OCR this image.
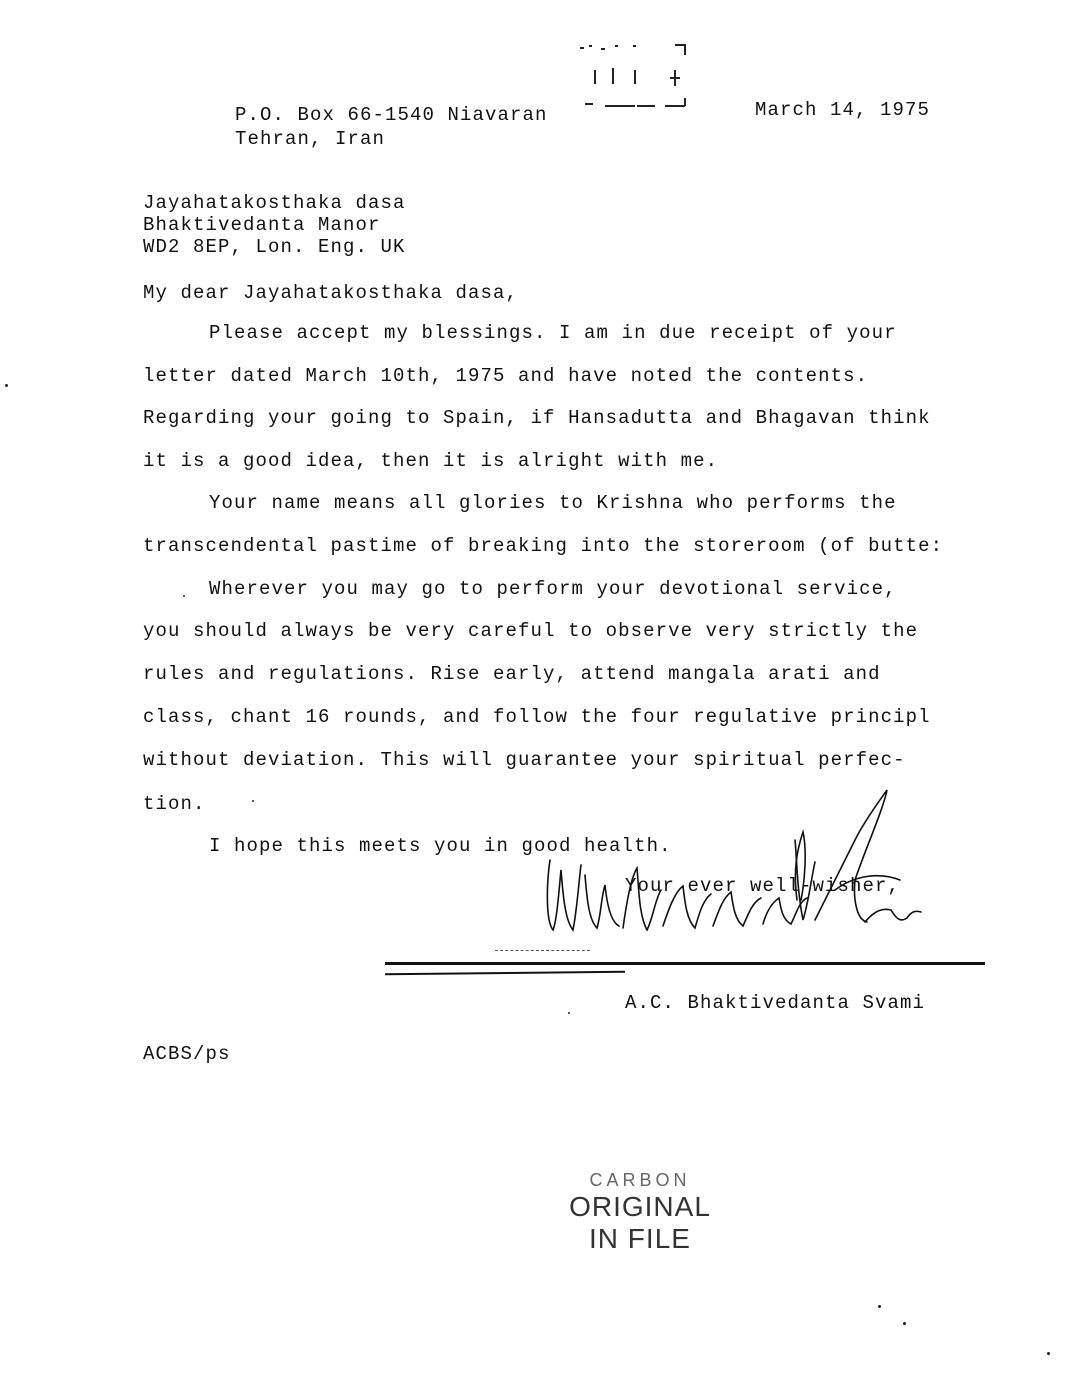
P.O. Box 66-1540 Niavaran
Tehran, Iran
March 14, 1975
Jayahatakosthaka dasa
Bhaktivedanta Manor
WD2 8EP, Lon. Eng. UK
My dear Jayahatakosthaka dasa,
Please accept my blessings. I am in due receipt of your
letter dated March 10th, 1975 and have noted the contents.
Regarding your going to Spain, if Hansadutta and Bhagavan think
it is a good idea, then it is alright with me.
Your name means all glories to Krishna who performs the
transcendental pastime of breaking into the storeroom (of butte:
Wherever you may go to perform your devotional service,
you should always be very careful to observe very strictly the
rules and regulations. Rise early, attend mangala arati and
class, chant 16 rounds, and follow the four regulative principl
without deviation. This will guarantee your spiritual perfec-
tion.
I hope this meets you in good health.
Your ever well-wisher,
A.C. Bhaktivedanta Svami
ACBS/ps
CARBON
ORIGINAL
IN FILE
